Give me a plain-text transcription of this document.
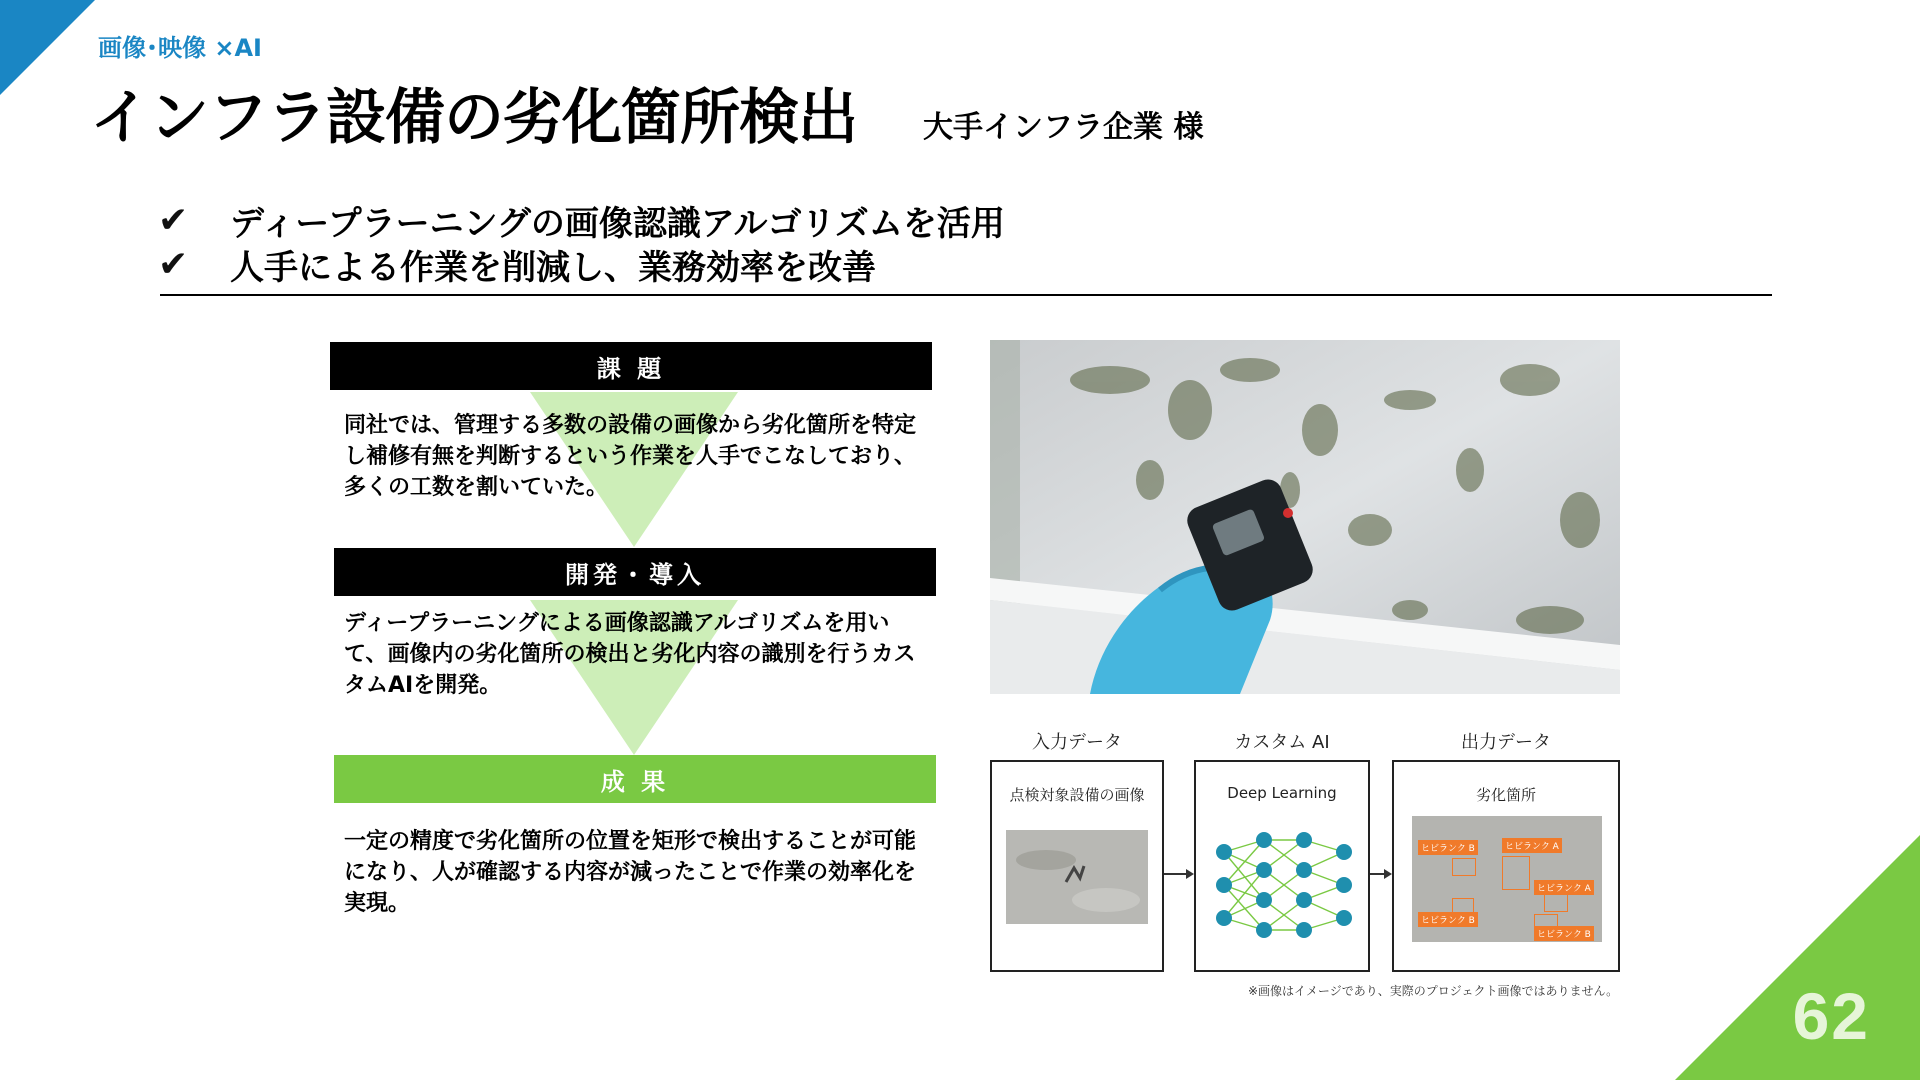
62
画像･映像 ×AI
インフラ設備の劣化箇所検出 大手インフラ企業 様
✔	ディープラーニングの画像認識アルゴリズムを活用
✔	人手による作業を削減し、業務効率を改善
課 題
同社では、管理する多数の設備の画像から劣化箇所を特定し補修有無を判断するという作業を人手でこなしており、多くの工数を割いていた。
開発・導入
ディープラーニングによる画像認識アルゴリズムを用いて、画像内の劣化箇所の検出と劣化内容の識別を行うカスタムAIを開発。
成 果
一定の精度で劣化箇所の位置を矩形で検出することが可能になり、人が確認する内容が減ったことで作業の効率化を実現。
入力データ	カスタム AI	出力データ
点検対象設備の画像	Deep Learning	劣化箇所
ヒビランク B	ヒビランク A
ヒビランク A
ヒビランク B
ヒビランク B
※画像はイメージであり、実際のプロジェクト画像ではありません。
